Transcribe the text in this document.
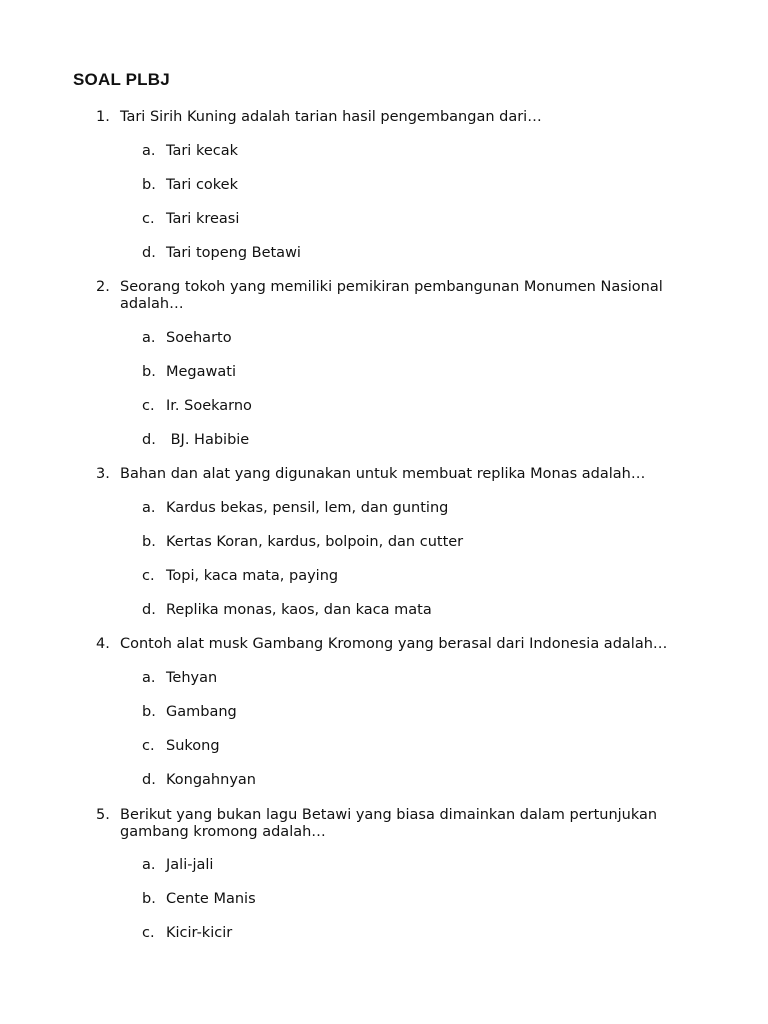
SOAL PLBJ
1. Tari Sirih Kuning adalah tarian hasil pengembangan dari…
a. Tari kecak
b. Tari cokek
c. Tari kreasi
d. Tari topeng Betawi
2. Seorang tokoh yang memiliki pemikiran pembangunan Monumen Nasional adalah…
a. Soeharto
b. Megawati
c. Ir. Soekarno
d. BJ. Habibie
3. Bahan dan alat yang digunakan untuk membuat replika Monas adalah…
a. Kardus bekas, pensil, lem, dan gunting
b. Kertas Koran, kardus, bolpoin, dan cutter
c. Topi, kaca mata, paying
d. Replika monas, kaos, dan kaca mata
4. Contoh alat musk Gambang Kromong yang berasal dari Indonesia adalah…
a. Tehyan
b. Gambang
c. Sukong
d. Kongahnyan
5. Berikut yang bukan lagu Betawi yang biasa dimainkan dalam pertunjukan gambang kromong adalah…
a. Jali-jali
b. Cente Manis
c. Kicir-kicir
